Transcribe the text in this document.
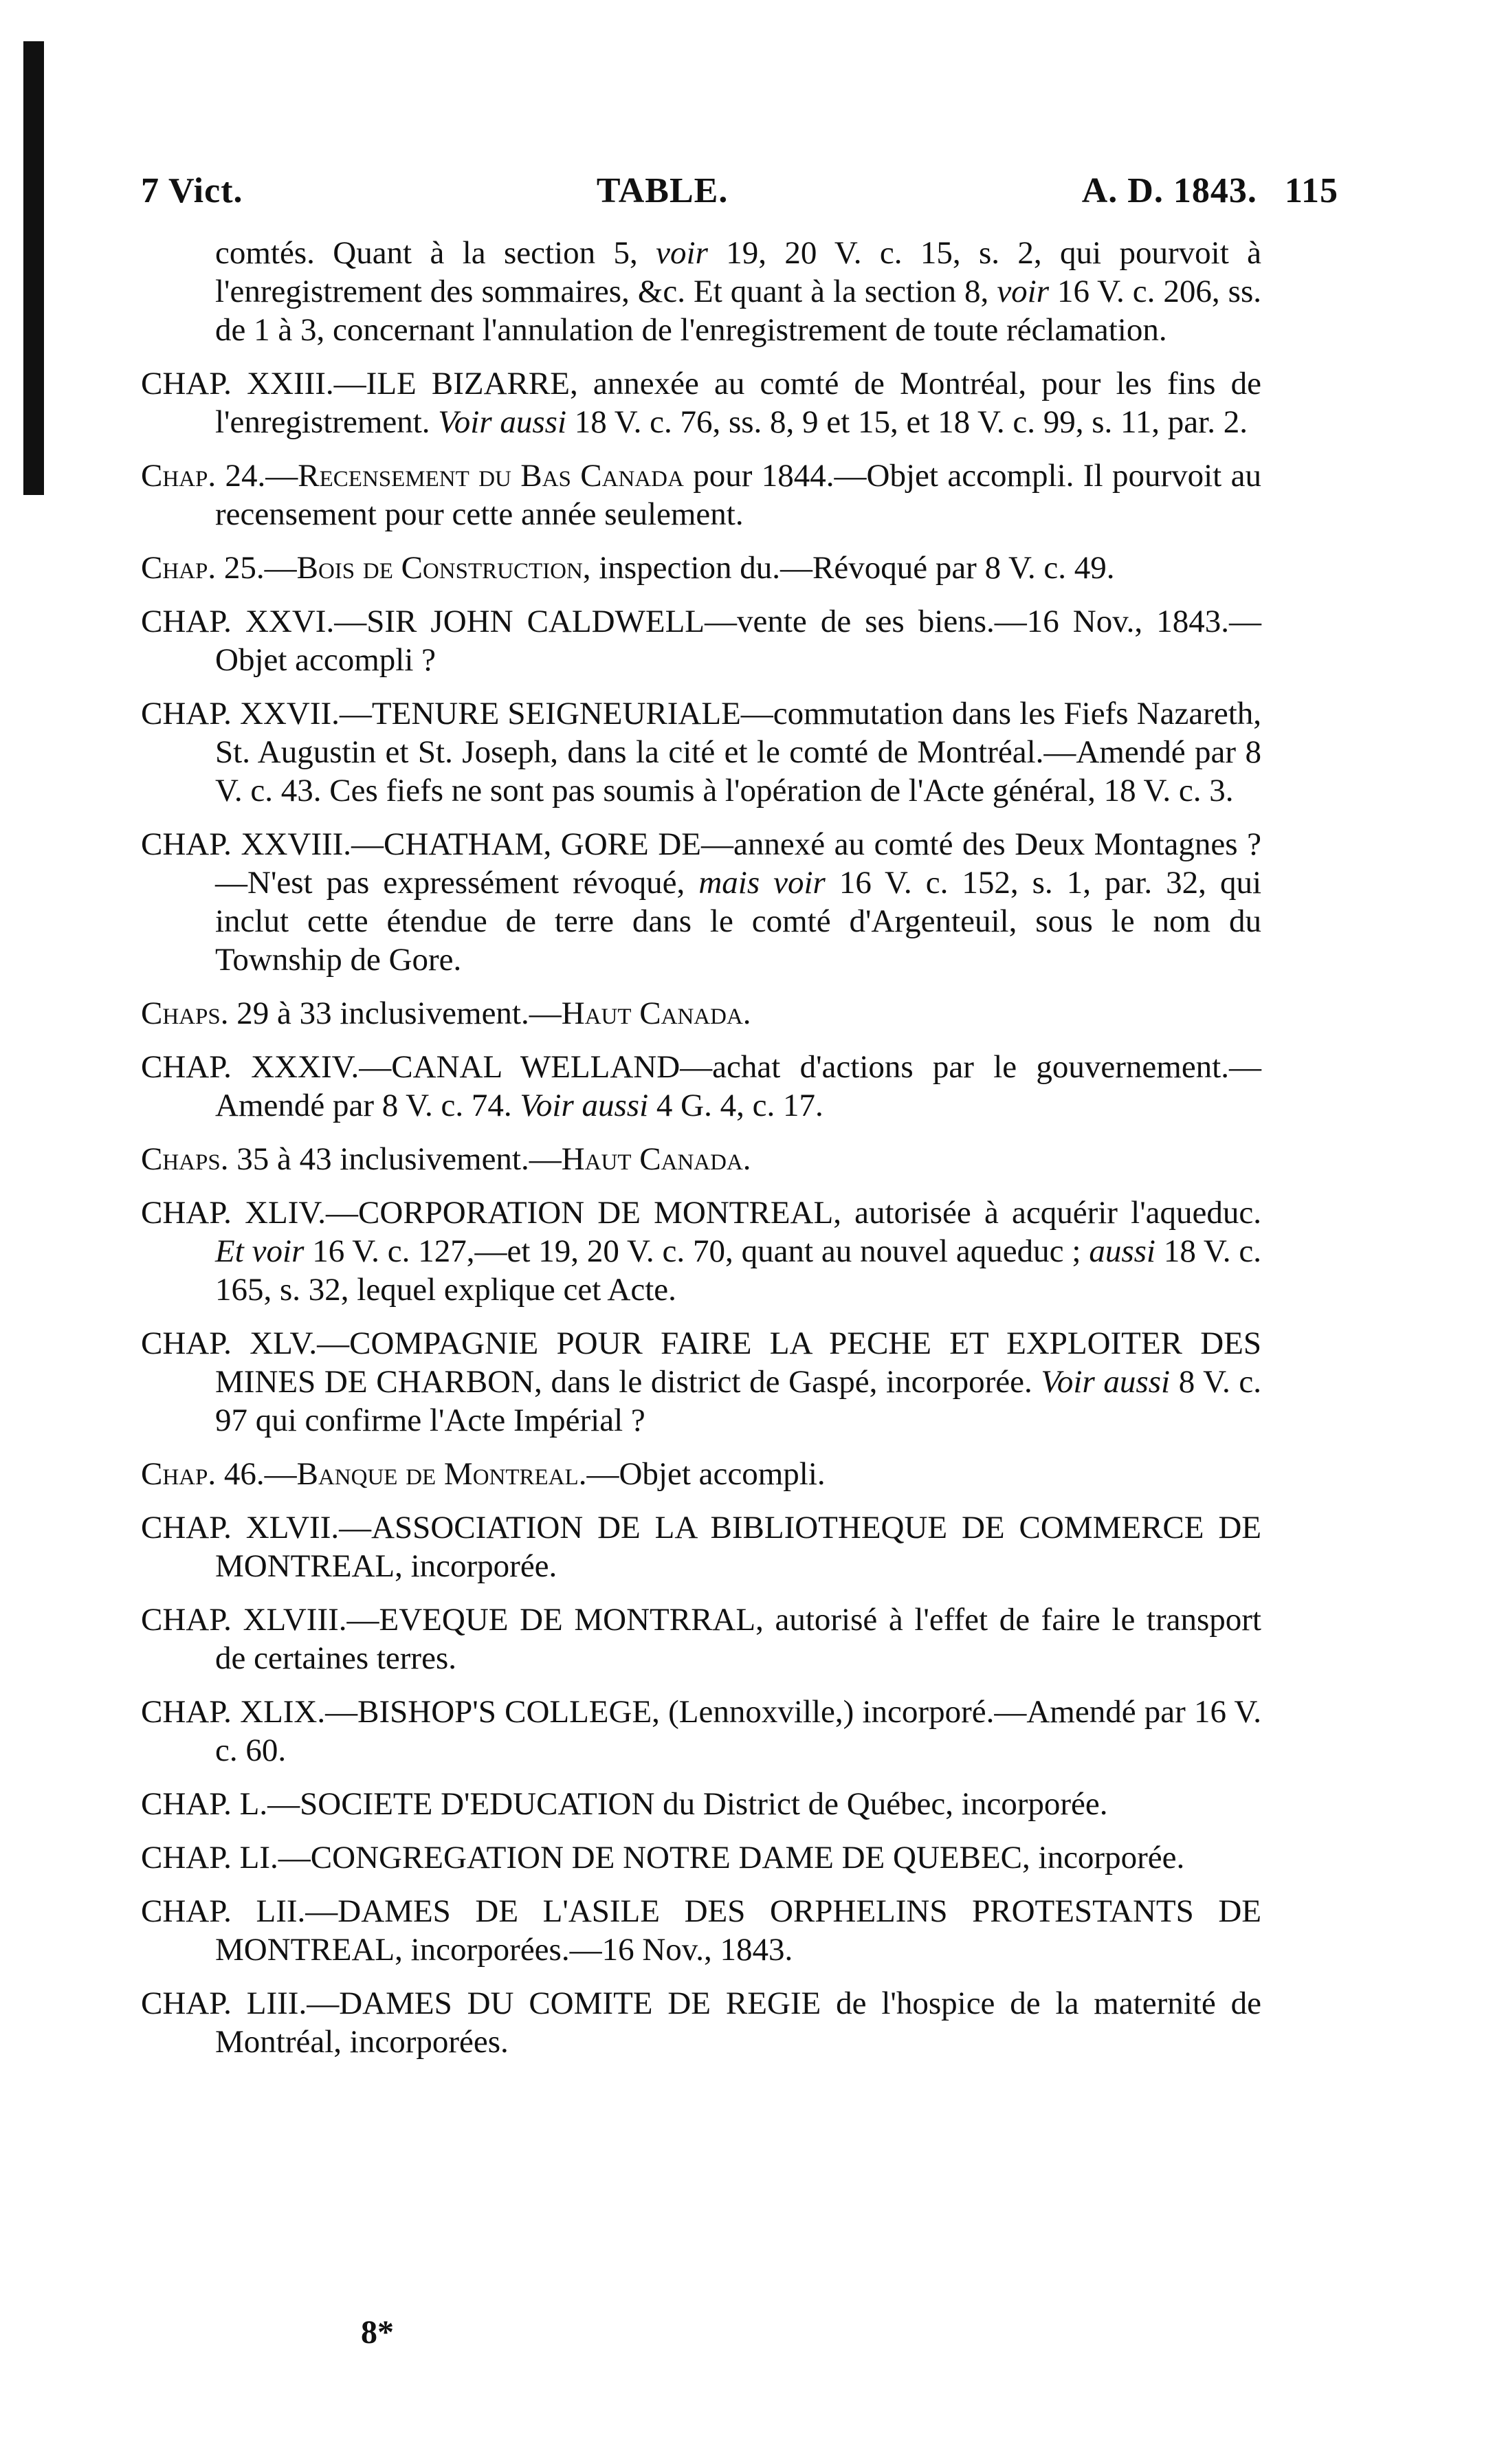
7 Vict.	TABLE.	A. D. 1843. 115

comtés. Quant à la section 5, voir 19, 20 V. c. 15, s. 2, qui pourvoit à l'enregistrement des sommaires, &c. Et quant à la section 8, voir 16 V. c. 206, ss. de 1 à 3, concernant l'annulation de l'enregistrement de toute réclamation.

CHAP. XXIII.—ILE BIZARRE, annexée au comté de Montréal, pour les fins de l'enregistrement. Voir aussi 18 V. c. 76, ss. 8, 9 et 15, et 18 V. c. 99, s. 11, par. 2.

Chap. 24.—Recensement du Bas Canada pour 1844.—Objet accompli. Il pourvoit au recensement pour cette année seulement.

Chap. 25.—Bois de Construction, inspection du.—Révoqué par 8 V. c. 49.

CHAP. XXVI.—SIR JOHN CALDWELL—vente de ses biens.—16 Nov., 1843.—Objet accompli ?

CHAP. XXVII.—TENURE SEIGNEURIALE—commutation dans les Fiefs Nazareth, St. Augustin et St. Joseph, dans la cité et le comté de Montréal.—Amendé par 8 V. c. 43. Ces fiefs ne sont pas soumis à l'opération de l'Acte général, 18 V. c. 3.

CHAP. XXVIII.—CHATHAM, GORE DE—annexé au comté des Deux Montagnes ?—N'est pas expressément révoqué, mais voir 16 V. c. 152, s. 1, par. 32, qui inclut cette étendue de terre dans le comté d'Argenteuil, sous le nom du Township de Gore.

Chaps. 29 à 33 inclusivement.—Haut Canada.

CHAP. XXXIV.—CANAL WELLAND—achat d'actions par le gouvernement.—Amendé par 8 V. c. 74. Voir aussi 4 G. 4, c. 17.

Chaps. 35 à 43 inclusivement.—Haut Canada.

CHAP. XLIV.—CORPORATION DE MONTREAL, autorisée à acquérir l'aqueduc. Et voir 16 V. c. 127,—et 19, 20 V. c. 70, quant au nouvel aqueduc ; aussi 18 V. c. 165, s. 32, lequel explique cet Acte.

CHAP. XLV.—COMPAGNIE POUR FAIRE LA PECHE ET EXPLOITER DES MINES DE CHARBON, dans le district de Gaspé, incorporée. Voir aussi 8 V. c. 97 qui confirme l'Acte Impérial ?

Chap. 46.—Banque de Montreal.—Objet accompli.

CHAP. XLVII.—ASSOCIATION DE LA BIBLIOTHEQUE DE COMMERCE DE MONTREAL, incorporée.

CHAP. XLVIII.—EVEQUE DE MONTRRAL, autorisé à l'effet de faire le transport de certaines terres.

CHAP. XLIX.—BISHOP'S COLLEGE, (Lennoxville,) incorporé.—Amendé par 16 V. c. 60.

CHAP. L.—SOCIETE D'EDUCATION du District de Québec, incorporée.

CHAP. LI.—CONGREGATION DE NOTRE DAME DE QUEBEC, incorporée.

CHAP. LII.—DAMES DE L'ASILE DES ORPHELINS PROTESTANTS DE MONTREAL, incorporées.—16 Nov., 1843.

CHAP. LIII.—DAMES DU COMITE DE REGIE de l'hospice de la maternité de Montréal, incorporées.

8*
